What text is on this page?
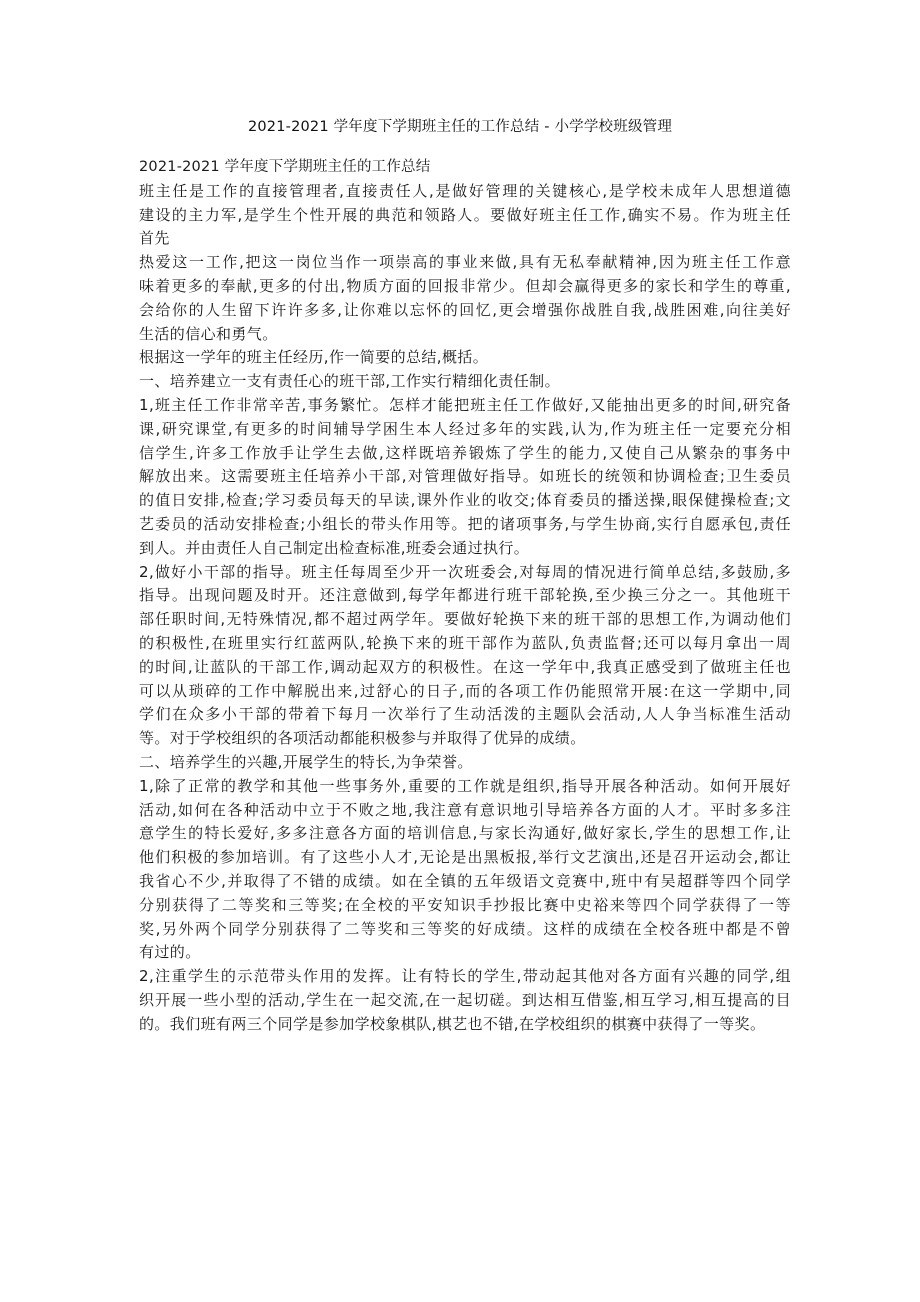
2021-2021 学年度下学期班主任的工作总结 - 小学学校班级管理
2021-2021 学年度下学期班主任的工作总结
班主任是工作的直接管理者,直接责任人,是做好管理的关键核心,是学校未成年人思想道德
建设的主力军,是学生个性开展的典范和领路人。要做好班主任工作,确实不易。作为班主任
首先
热爱这一工作,把这一岗位当作一项崇高的事业来做,具有无私奉献精神,因为班主任工作意
味着更多的奉献,更多的付出,物质方面的回报非常少。但却会赢得更多的家长和学生的尊重,
会给你的人生留下许许多多,让你难以忘怀的回忆,更会增强你战胜自我,战胜困难,向往美好
生活的信心和勇气。
根据这一学年的班主任经历,作一简要的总结,概括。
一、培养建立一支有责任心的班干部,工作实行精细化责任制。
1,班主任工作非常辛苦,事务繁忙。怎样才能把班主任工作做好,又能抽出更多的时间,研究备
课,研究课堂,有更多的时间辅导学困生本人经过多年的实践,认为,作为班主任一定要充分相
信学生,许多工作放手让学生去做,这样既培养锻炼了学生的能力,又使自己从繁杂的事务中
解放出来。这需要班主任培养小干部,对管理做好指导。如班长的统领和协调检查;卫生委员
的值日安排,检查;学习委员每天的早读,课外作业的收交;体育委员的播送操,眼保健操检查;文
艺委员的活动安排检查;小组长的带头作用等。把的诸项事务,与学生协商,实行自愿承包,责任
到人。并由责任人自己制定出检查标准,班委会通过执行。
2,做好小干部的指导。班主任每周至少开一次班委会,对每周的情况进行简单总结,多鼓励,多
指导。出现问题及时开。还注意做到,每学年都进行班干部轮换,至少换三分之一。其他班干
部任职时间,无特殊情况,都不超过两学年。要做好轮换下来的班干部的思想工作,为调动他们
的积极性,在班里实行红蓝两队,轮换下来的班干部作为蓝队,负责监督;还可以每月拿出一周
的时间,让蓝队的干部工作,调动起双方的积极性。在这一学年中,我真正感受到了做班主任也
可以从琐碎的工作中解脱出来,过舒心的日子,而的各项工作仍能照常开展:在这一学期中,同
学们在众多小干部的带着下每月一次举行了生动活泼的主题队会活动,人人争当标准生活动
等。对于学校组织的各项活动都能积极参与并取得了优异的成绩。
二、培养学生的兴趣,开展学生的特长,为争荣誉。
1,除了正常的教学和其他一些事务外,重要的工作就是组织,指导开展各种活动。如何开展好
活动,如何在各种活动中立于不败之地,我注意有意识地引导培养各方面的人才。平时多多注
意学生的特长爱好,多多注意各方面的培训信息,与家长沟通好,做好家长,学生的思想工作,让
他们积极的参加培训。有了这些小人才,无论是出黑板报,举行文艺演出,还是召开运动会,都让
我省心不少,并取得了不错的成绩。如在全镇的五年级语文竞赛中,班中有吴超群等四个同学
分别获得了二等奖和三等奖;在全校的平安知识手抄报比赛中史裕来等四个同学获得了一等
奖,另外两个同学分别获得了二等奖和三等奖的好成绩。这样的成绩在全校各班中都是不曾
有过的。
2,注重学生的示范带头作用的发挥。让有特长的学生,带动起其他对各方面有兴趣的同学,组
织开展一些小型的活动,学生在一起交流,在一起切磋。到达相互借鉴,相互学习,相互提高的目
的。我们班有两三个同学是参加学校象棋队,棋艺也不错,在学校组织的棋赛中获得了一等奖。
